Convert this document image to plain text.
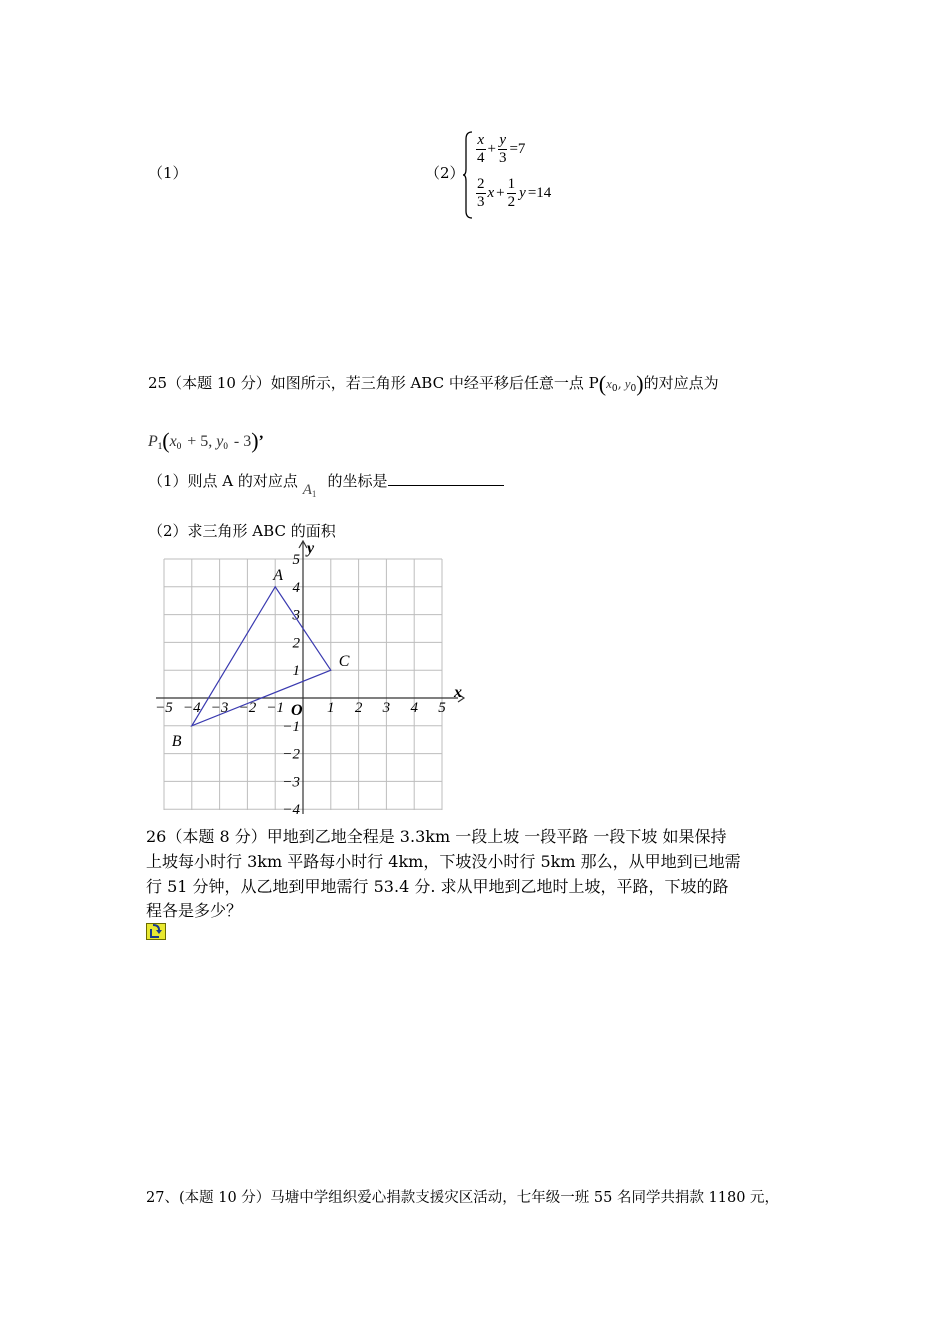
（1）	（2）
$\frac{x}{4} + \frac{y}{3} =7$
$\frac{2}{3}$ $x + \frac{1}{2}$ y =14
25（本题 10 分）如图所示，若三角形 ABC 中经平移后任意一点 $P(x_0$, $y_0$)的对应点为
$P_1(x_0 + 5$, $y_0 - 3$)’
（1）则点 A 的对应点 $A_1$ 的坐标是
（2）求三角形 ABC 的面积
−5 −4 −3 −2 −1	1 2 3 4 5
5
4
3
2
1
−1
−2
−3
−4
O
x
y
A
B
C
26（本题 8 分）甲地到乙地全程是 3.3km 一段上坡 一段平路 一段下坡 如果保持
上坡每小时行 3km 平路每小时行 4km，下坡没小时行 5km 那么，从甲地到已地需
行 51 分钟，从乙地到甲地需行 53.4 分. 求从甲地到乙地时上坡，平路，下坡的路
程各是多少？
27、(本题 10 分）马塘中学组织爱心捐款支援灾区活动，七年级一班 55 名同学共捐款 1180 元，
